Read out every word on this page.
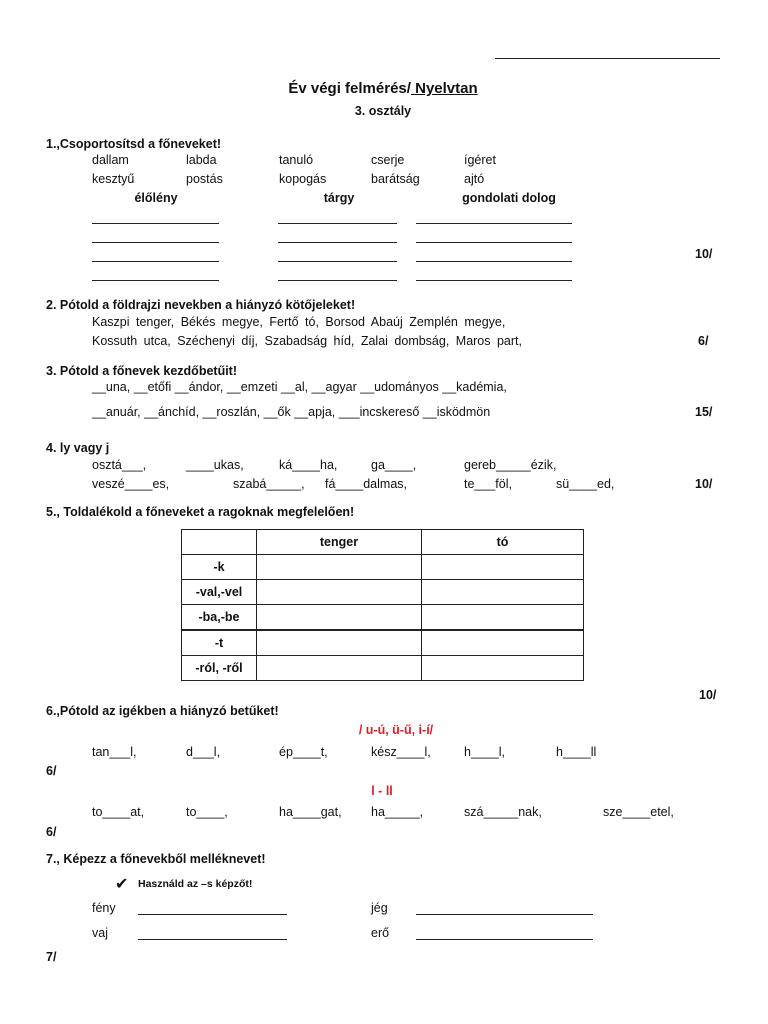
Év végi felmérés/ Nyelvtan
3. osztály
1.,Csoportosítsd a főneveket!
dallam	labda	tanuló	cserje	ígéret
kesztyű	postás	kopogás	barátság	ajtó
élőlény	tárgy	gondolati dolog
10/
2. Pótold a földrajzi nevekben a hiányzó kötőjeleket!
Kaszpi tenger, Békés megye, Fertő tó, Borsod Abaúj Zemplén megye,
Kossuth utca, Széchenyi díj, Szabadság híd, Zalai dombság, Maros part,	6/
3. Pótold a főnevek kezdőbetűit!
__una, __etőfi __ándor, __emzeti __al, __agyar __udományos __kadémia,
__anuár, __ánchíd, __roszlán, __ők __apja, ___incskereső __isködmön	15/
4. ly vagy j
osztá___,	____ukas,	ká____ha,	ga____,	gereb_____ézik,
veszé____es,	szabá_____, fá____dalmas,	te___föl,	sü____ed,	10/
5., Toldalékold a főneveket a ragoknak megfelelően!
	tenger	tó
-k		
-val,-vel		
-ba,-be		
-t		
-ról, -ről		
10/
6.,Pótold az igékben a hiányzó betűket!
/ u-ú, ü-ű, i-í/
tan___l,	d___l,	ép____t,	kész____l,	h____l,	h____ll
6/
l - ll
to____at,	to____,	ha____gat, ha_____,	szá_____nak,	sze____etel,
6/
7., Képezz a főnevekből melléknevet!
✔ Használd az –s képzőt!
fény	jég
vaj	erő
7/
